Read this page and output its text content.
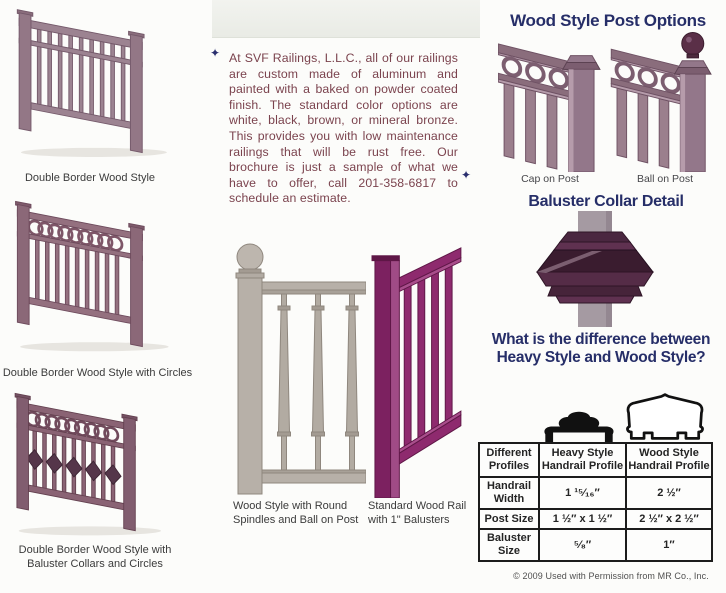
Double Border Wood Style
Double Border Wood Style with Circles
Double Border Wood Style with
Baluster Collars and Circles
✦ At SVF Railings, L.L.C., all of our railings are custom made of aluminum and painted with a baked on powder coated finish. The standard color options are white, black, brown, or mineral bronze. This provides you with low maintenance railings that will be rust free. Our brochure is just a sample of what we have to offer, call 201-358-6817 to schedule an estimate.
✦
Wood Style with Round
Spindles and Ball on Post
Standard Wood Rail
with 1" Balusters
Wood Style Post Options
Cap on Post	Ball on Post
Baluster Collar Detail
What is the difference between
Heavy Style and Wood Style?
Different Profiles	Heavy Style Handrail Profile	Wood Style Handrail Profile
Handrail Width	1 ¹⁵⁄₁₆″	2 ½″
Post Size	1 ½″ x 1 ½″	2 ½″ x 2 ½″
Baluster Size	⁵⁄₈″	1″
© 2009 Used with Permission from MR Co., Inc.
